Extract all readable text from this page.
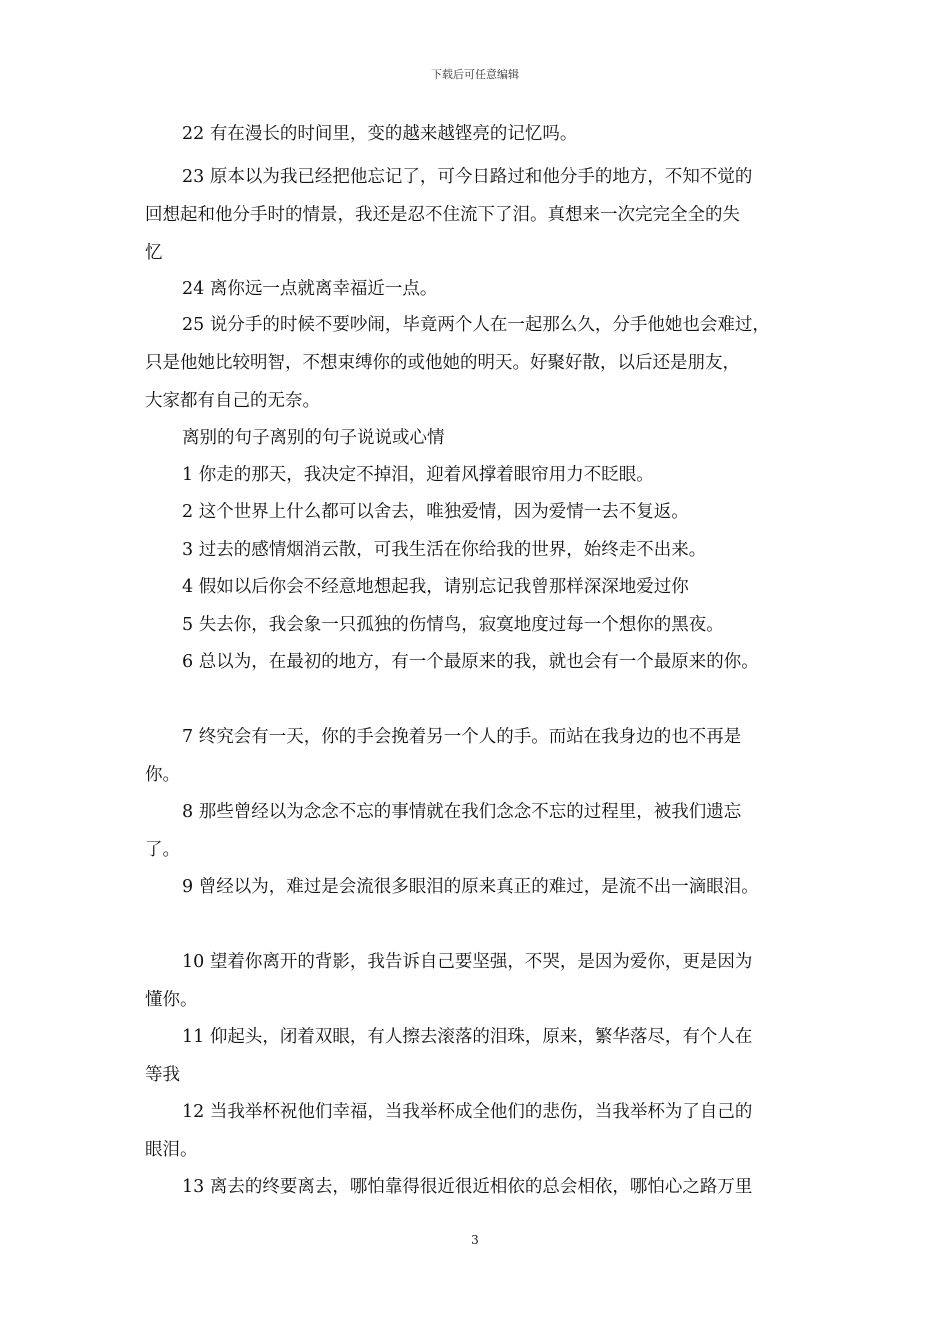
下载后可任意编辑
22 有在漫长的时间里，变的越来越铿亮的记忆吗。
23 原本以为我已经把他忘记了，可今日路过和他分手的地方，不知不觉的
回想起和他分手时的情景，我还是忍不住流下了泪。真想来一次完完全全的失
忆
24 离你远一点就离幸福近一点。
25 说分手的时候不要吵闹，毕竟两个人在一起那么久，分手他她也会难过，
只是他她比较明智，不想束缚你的或他她的明天。好聚好散，以后还是朋友，
大家都有自己的无奈。
离别的句子离别的句子说说或心情
1 你走的那天，我决定不掉泪，迎着风撑着眼帘用力不眨眼。
2 这个世界上什么都可以舍去，唯独爱情，因为爱情一去不复返。
3 过去的感情烟消云散，可我生活在你给我的世界，始终走不出来。
4 假如以后你会不经意地想起我，请别忘记我曾那样深深地爱过你
5 失去你，我会象一只孤独的伤情鸟，寂寞地度过每一个想你的黑夜。
6 总以为，在最初的地方，有一个最原来的我，就也会有一个最原来的你。
7 终究会有一天，你的手会挽着另一个人的手。而站在我身边的也不再是
你。
8 那些曾经以为念念不忘的事情就在我们念念不忘的过程里，被我们遗忘
了。
9 曾经以为，难过是会流很多眼泪的原来真正的难过，是流不出一滴眼泪。
10 望着你离开的背影，我告诉自己要坚强，不哭，是因为爱你，更是因为
懂你。
11 仰起头，闭着双眼，有人擦去滚落的泪珠，原来，繁华落尽，有个人在
等我
12 当我举杯祝他们幸福，当我举杯成全他们的悲伤，当我举杯为了自己的
眼泪。
13 离去的终要离去，哪怕靠得很近很近相依的总会相依，哪怕心之路万里
3
